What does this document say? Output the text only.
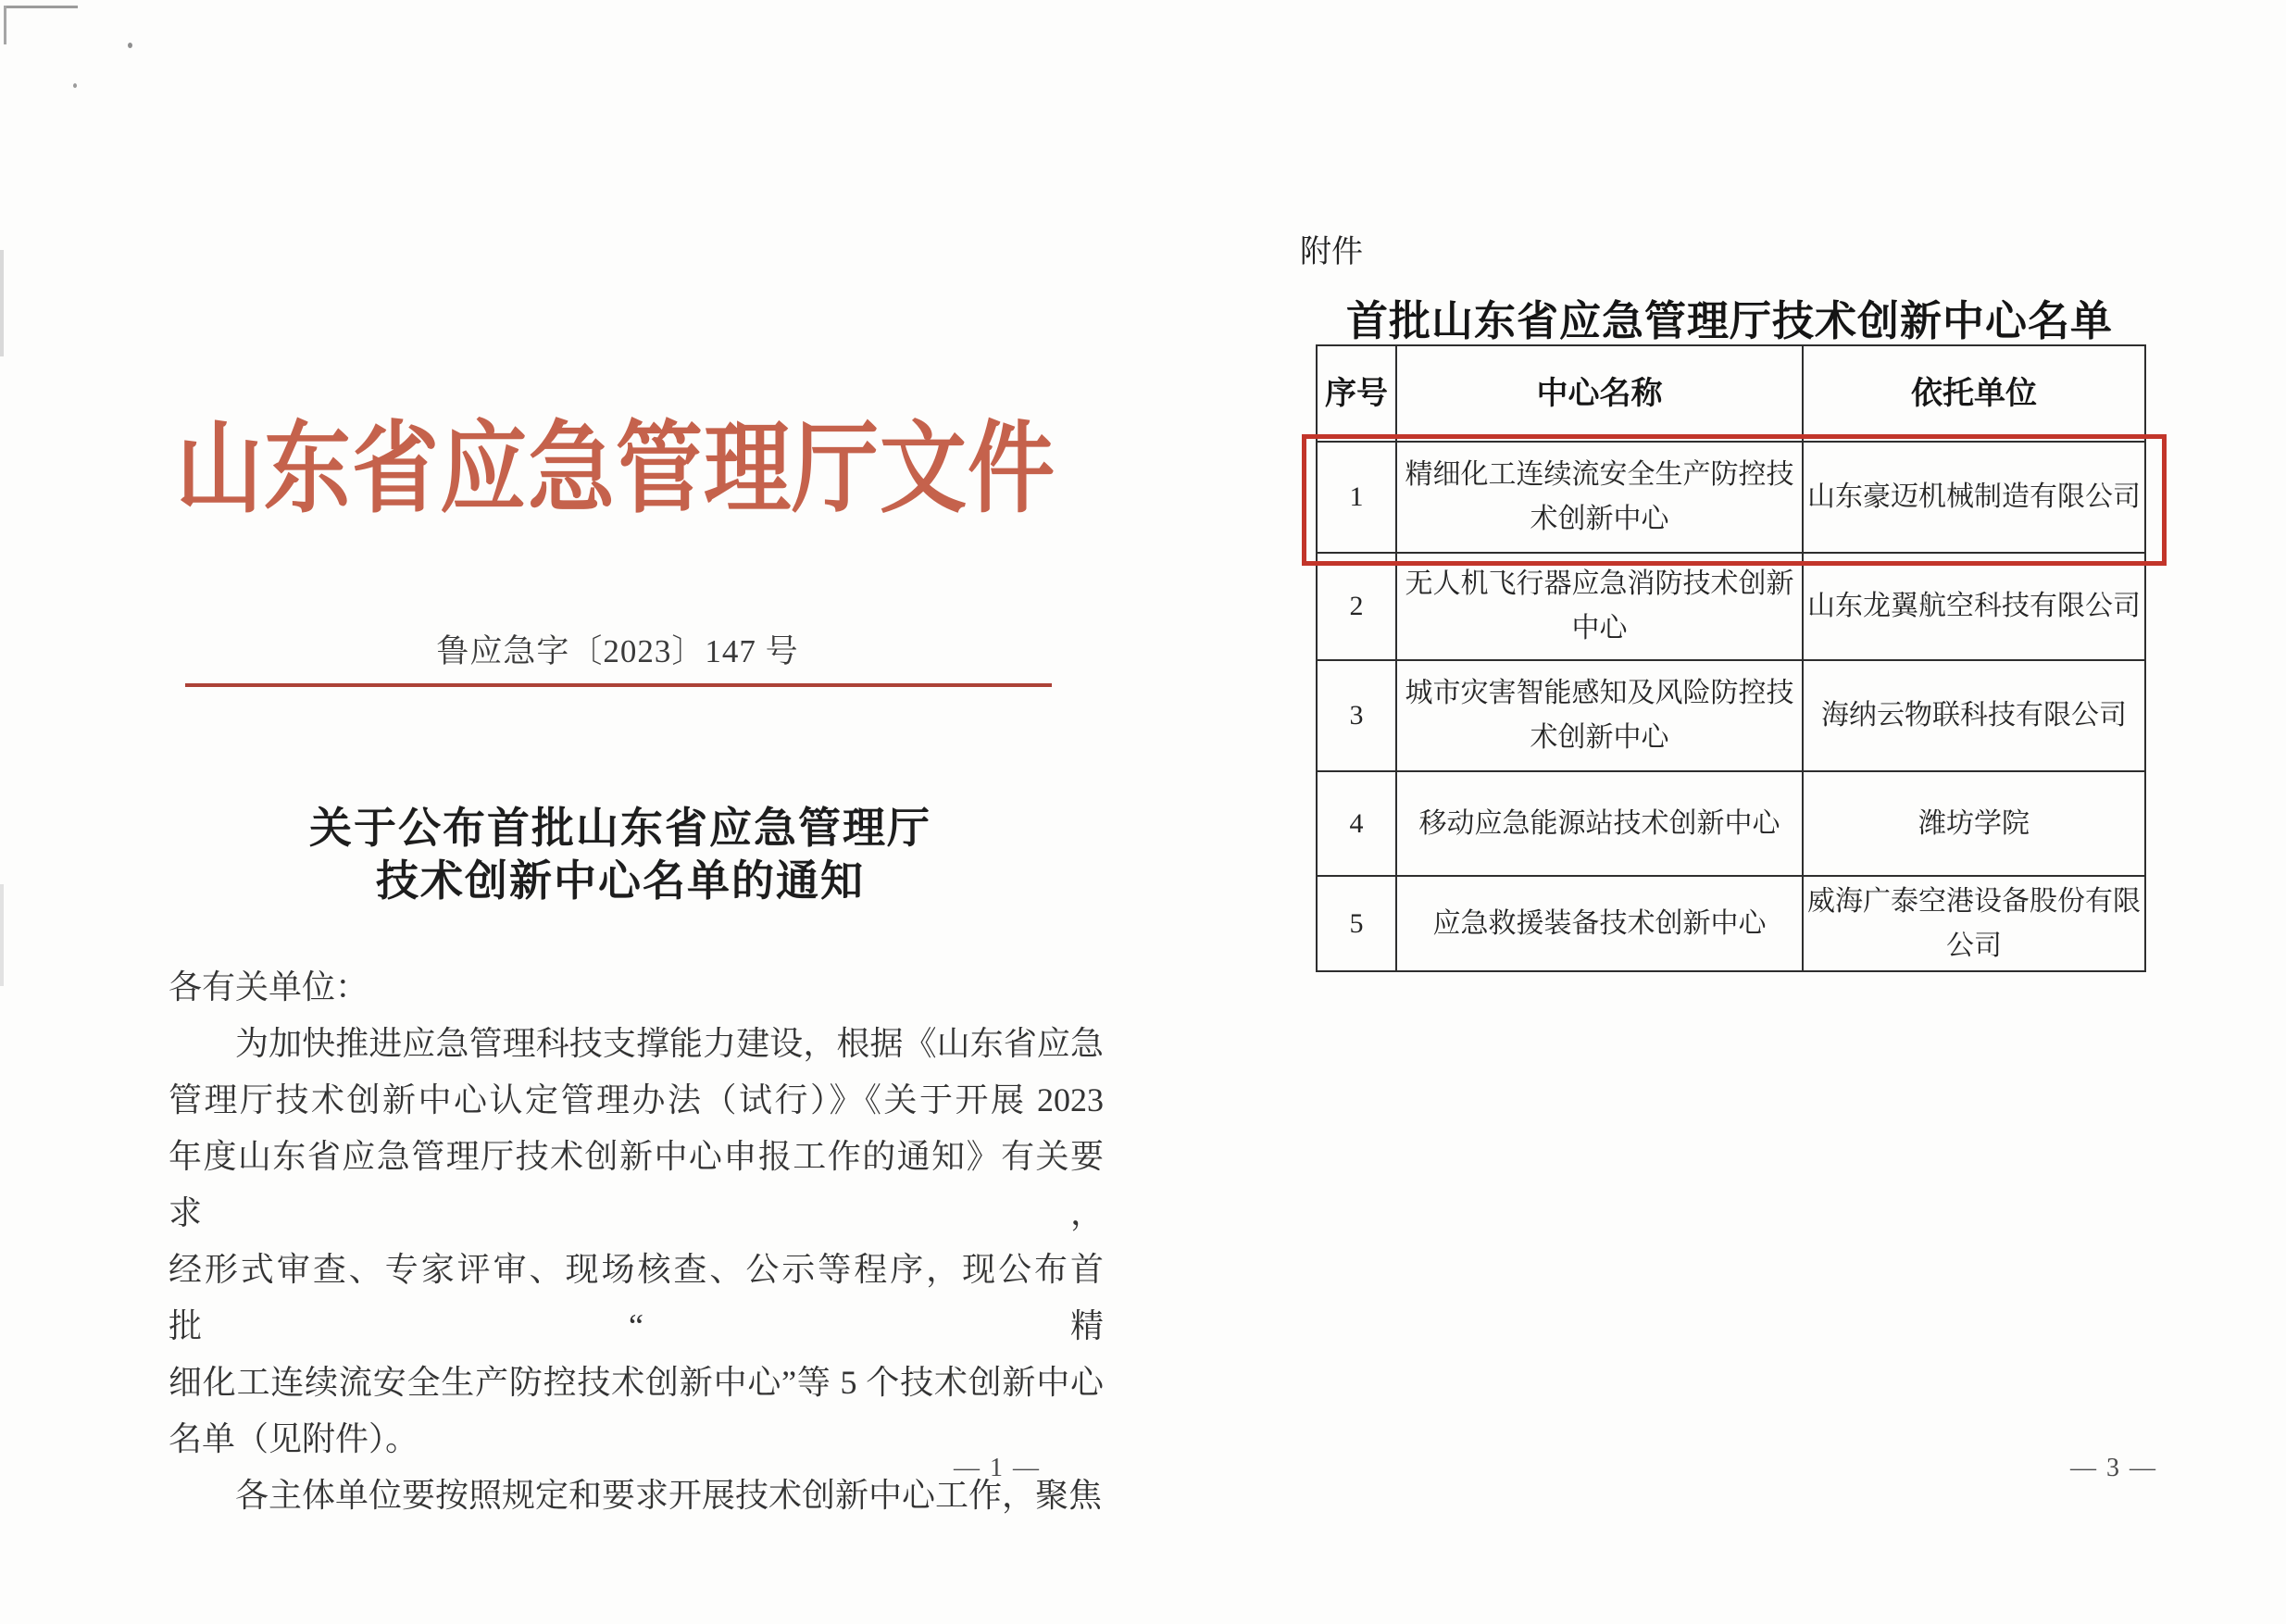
山东省应急管理厅文件
鲁应急字〔2023〕147 号
关于公布首批山东省应急管理厅
技术创新中心名单的通知
各有关单位：
为加快推进应急管理科技支撑能力建设，根据《山东省应急
管理厅技术创新中心认定管理办法（试行）》《关于开展 2023
年度山东省应急管理厅技术创新中心申报工作的通知》有关要求，
经形式审查、专家评审、现场核查、公示等程序，现公布首批“精
细化工连续流安全生产防控技术创新中心”等 5 个技术创新中心
名单（见附件）。
各主体单位要按照规定和要求开展技术创新中心工作，聚焦
— 1 —
附件
首批山东省应急管理厅技术创新中心名单
序号	中心名称	依托单位
1	精细化工连续流安全生产防控技术创新中心	山东豪迈机械制造有限公司
2	无人机飞行器应急消防技术创新中心	山东龙翼航空科技有限公司
3	城市灾害智能感知及风险防控技术创新中心	海纳云物联科技有限公司
4	移动应急能源站技术创新中心	潍坊学院
5	应急救援装备技术创新中心	威海广泰空港设备股份有限公司
— 3 —
